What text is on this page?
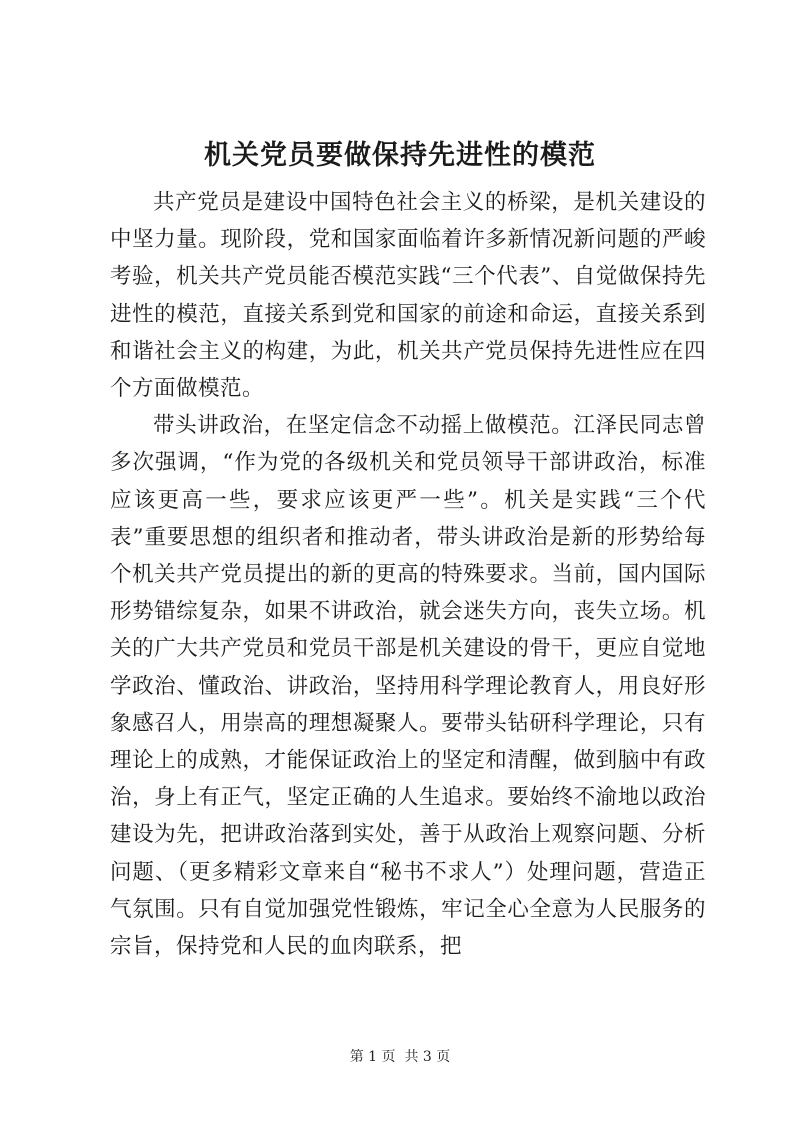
机关党员要做保持先进性的模范

共产党员是建设中国特色社会主义的桥梁，是机关建设的中坚力量。现阶段，党和国家面临着许多新情况新问题的严峻考验，机关共产党员能否模范实践“三个代表”、自觉做保持先进性的模范，直接关系到党和国家的前途和命运，直接关系到和谐社会主义的构建，为此，机关共产党员保持先进性应在四个方面做模范。

带头讲政治，在坚定信念不动摇上做模范。江泽民同志曾多次强调，“作为党的各级机关和党员领导干部讲政治，标准应该更高一些，要求应该更严一些”。机关是实践“三个代表”重要思想的组织者和推动者，带头讲政治是新的形势给每个机关共产党员提出的新的更高的特殊要求。当前，国内国际形势错综复杂，如果不讲政治，就会迷失方向，丧失立场。机关的广大共产党员和党员干部是机关建设的骨干，更应自觉地学政治、懂政治、讲政治，坚持用科学理论教育人，用良好形象感召人，用崇高的理想凝聚人。要带头钻研科学理论，只有理论上的成熟，才能保证政治上的坚定和清醒，做到脑中有政治，身上有正气，坚定正确的人生追求。要始终不渝地以政治建设为先，把讲政治落到实处，善于从政治上观察问题、分析问题、（更多精彩文章来自“秘书不求人”）处理问题，营造正气氛围。只有自觉加强党性锻炼，牢记全心全意为人民服务的宗旨，保持党和人民的血肉联系，把

第 1 页  共 3 页
